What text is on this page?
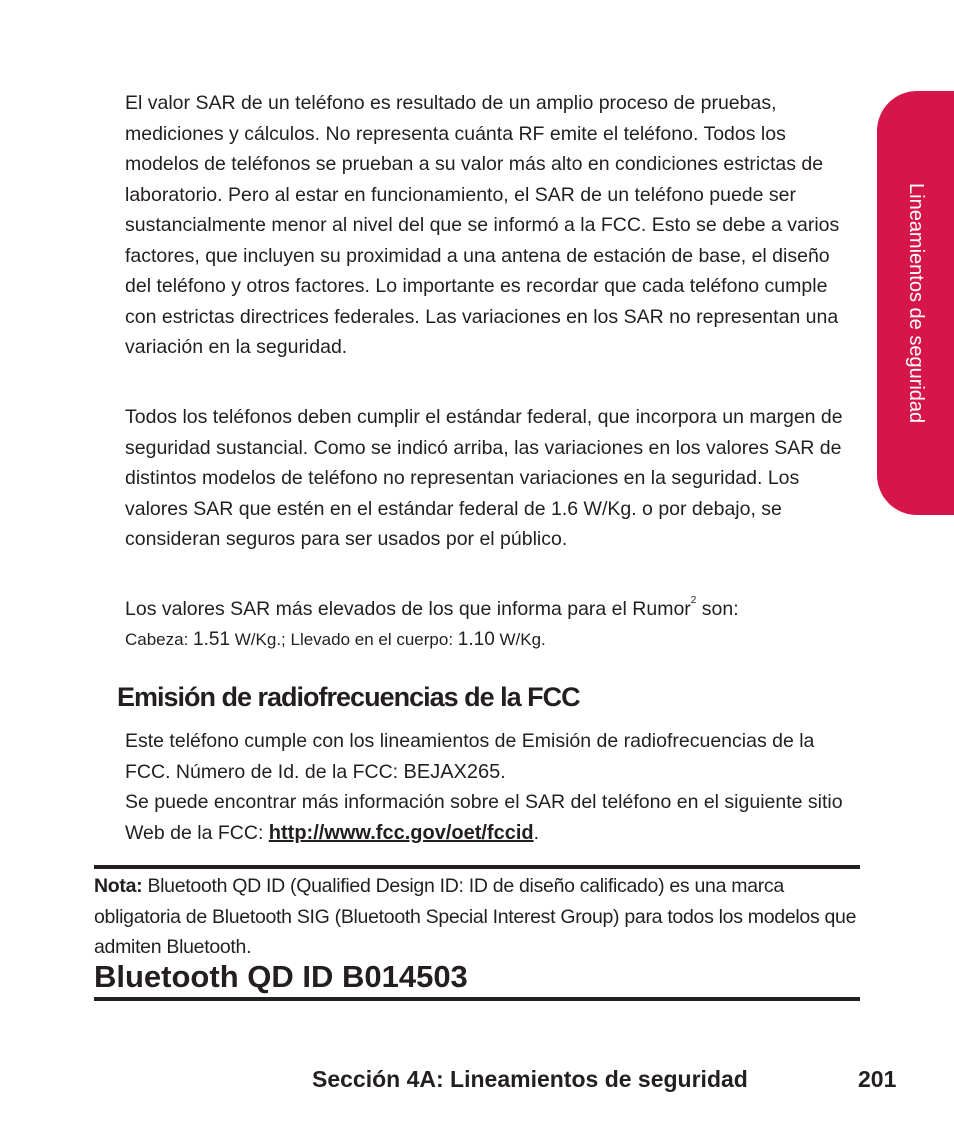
El valor SAR de un teléfono es resultado de un amplio proceso de pruebas, mediciones y cálculos. No representa cuánta RF emite el teléfono. Todos los modelos de teléfonos se prueban a su valor más alto en condiciones estrictas de laboratorio. Pero al estar en funcionamiento, el SAR de un teléfono puede ser sustancialmente menor al nivel del que se informó a la FCC. Esto se debe a varios factores, que incluyen su proximidad a una antena de estación de base, el diseño del teléfono y otros factores. Lo importante es recordar que cada teléfono cumple con estrictas directrices federales. Las variaciones en los SAR no representan una variación en la seguridad.

Todos los teléfonos deben cumplir el estándar federal, que incorpora un margen de seguridad sustancial. Como se indicó arriba, las variaciones en los valores SAR de distintos modelos de teléfono no representan variaciones en la seguridad. Los valores SAR que estén en el estándar federal de 1.6 W/Kg. o por debajo, se consideran seguros para ser usados por el público.

Los valores SAR más elevados de los que informa para el Rumor$^2$ son:

Cabeza: 1.51 W/Kg.; Llevado en el cuerpo: 1.10 W/Kg.

Emisión de radiofrecuencias de la FCC

Este teléfono cumple con los lineamientos de Emisión de radiofrecuencias de la FCC. Número de Id. de la FCC: BEJAX265.

Se puede encontrar más información sobre el SAR del teléfono en el siguiente sitio Web de la FCC: http://www.fcc.gov/oet/fccid.

Nota: Bluetooth QD ID (Qualified Design ID: ID de diseño calificado) es una marca obligatoria de Bluetooth SIG (Bluetooth Special Interest Group) para todos los modelos que admiten Bluetooth.

Bluetooth QD ID B014503
Lineamientos de seguridad
Sección 4A: Lineamientos de seguridad	201
